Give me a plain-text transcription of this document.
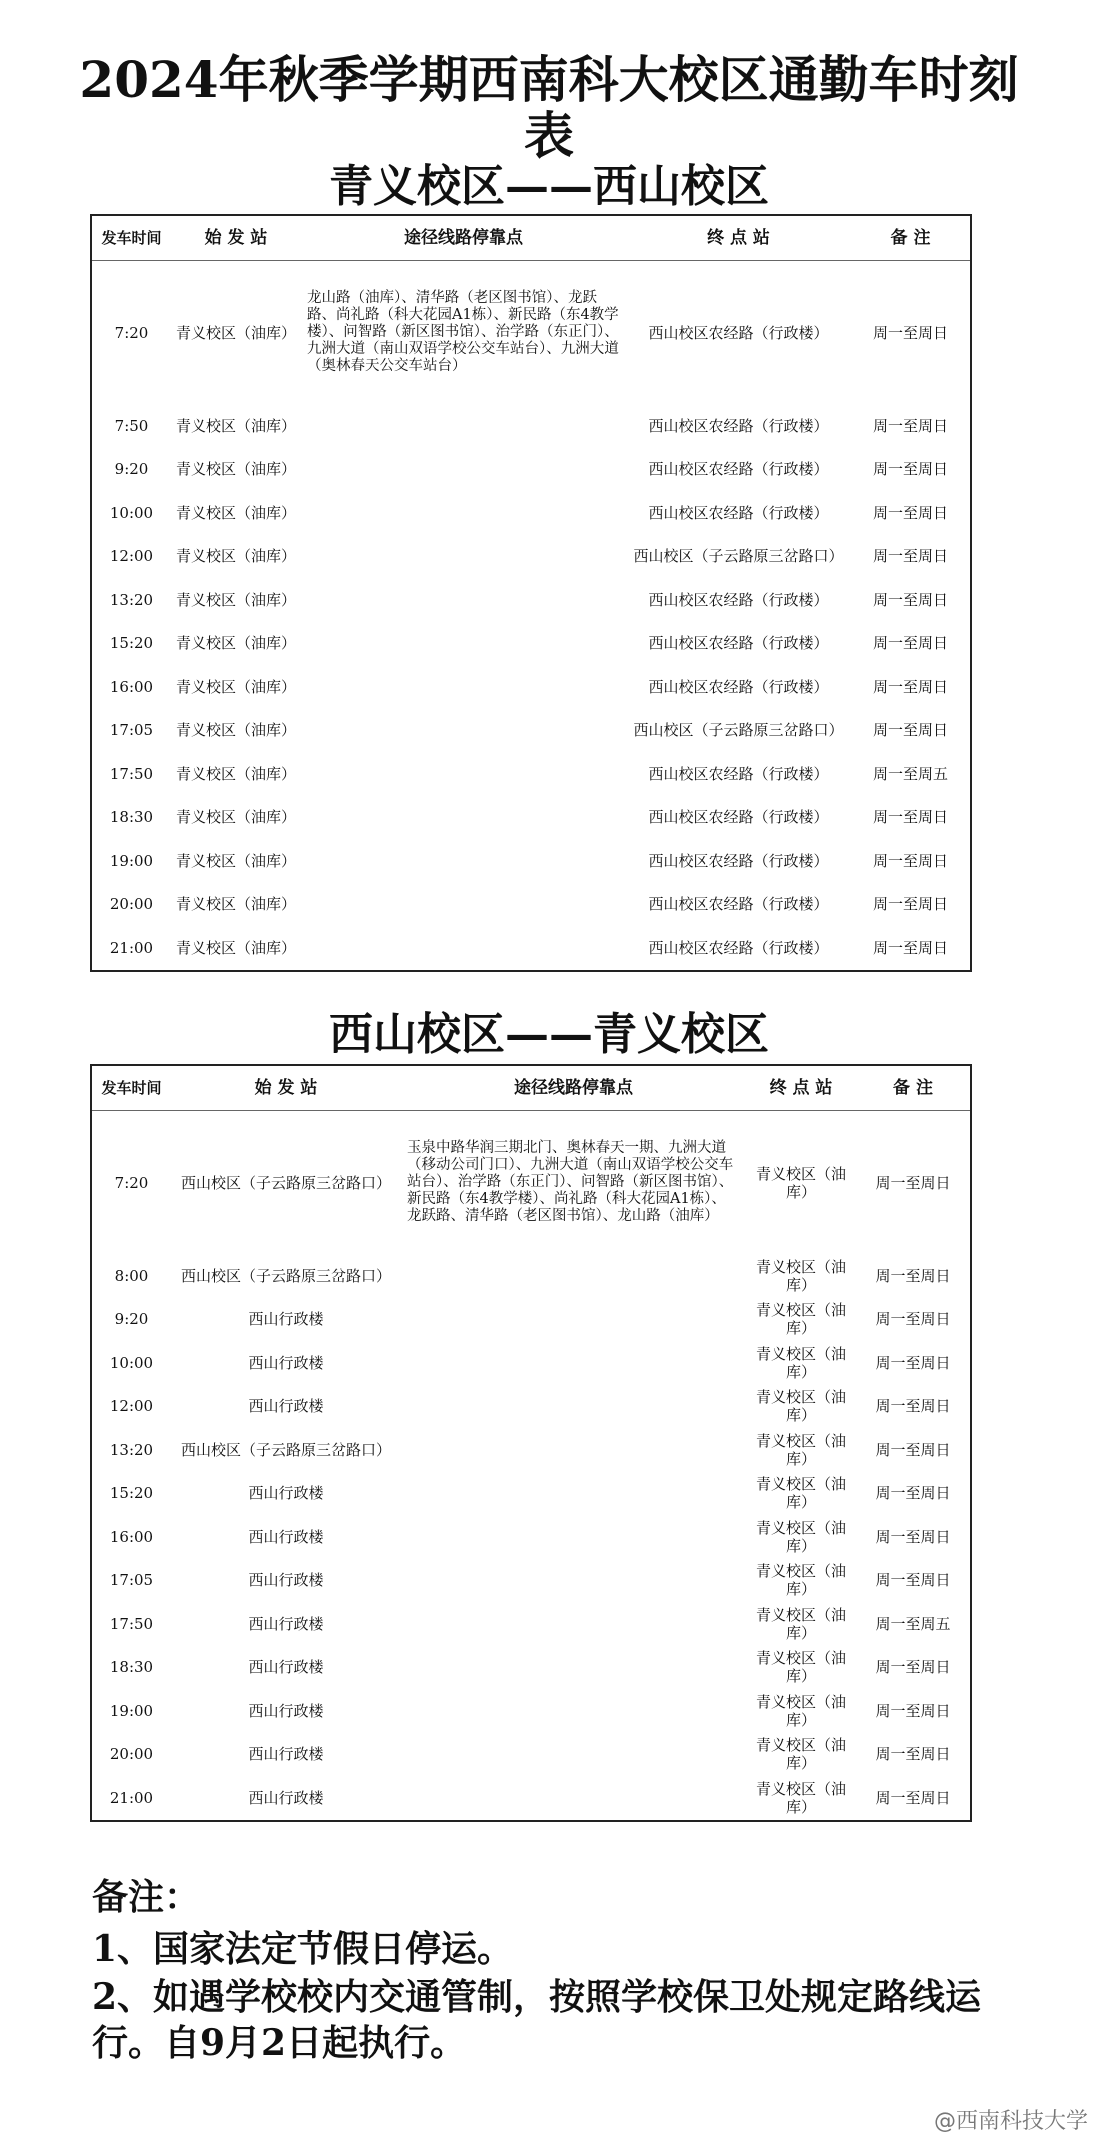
2024年秋季学期西南科大校区通勤车时刻
表
青义校区——西山校区
发车时间	始 发 站	途径线路停靠点	终 点 站	备 注
7:20	青义校区（油库）	龙山路（油库）、清华路（老区图书馆）、龙跃路、尚礼路（科大花园A1栋）、新民路（东4教学楼）、问智路（新区图书馆）、治学路（东正门）、九洲大道（南山双语学校公交车站台）、九洲大道（奥林春天公交车站台）	西山校区农经路（行政楼）	周一至周日
7:50	青义校区（油库）		西山校区农经路（行政楼）	周一至周日
9:20	青义校区（油库）		西山校区农经路（行政楼）	周一至周日
10:00	青义校区（油库）		西山校区农经路（行政楼）	周一至周日
12:00	青义校区（油库）		西山校区（子云路原三岔路口）	周一至周日
13:20	青义校区（油库）		西山校区农经路（行政楼）	周一至周日
15:20	青义校区（油库）		西山校区农经路（行政楼）	周一至周日
16:00	青义校区（油库）		西山校区农经路（行政楼）	周一至周日
17:05	青义校区（油库）		西山校区（子云路原三岔路口）	周一至周日
17:50	青义校区（油库）		西山校区农经路（行政楼）	周一至周五
18:30	青义校区（油库）		西山校区农经路（行政楼）	周一至周日
19:00	青义校区（油库）		西山校区农经路（行政楼）	周一至周日
20:00	青义校区（油库）		西山校区农经路（行政楼）	周一至周日
21:00	青义校区（油库）		西山校区农经路（行政楼）	周一至周日
西山校区——青义校区
发车时间	始 发 站	途径线路停靠点	终 点 站	备 注
7:20	西山校区（子云路原三岔路口）	玉泉中路华润三期北门、奥林春天一期、九洲大道（移动公司门口）、九洲大道（南山双语学校公交车站台）、治学路（东正门）、问智路（新区图书馆）、新民路（东4教学楼）、尚礼路（科大花园A1栋）、龙跃路、清华路（老区图书馆）、龙山路（油库）	青义校区（油库）	周一至周日
8:00	西山校区（子云路原三岔路口）		青义校区（油库）	周一至周日
9:20	西山行政楼		青义校区（油库）	周一至周日
10:00	西山行政楼		青义校区（油库）	周一至周日
12:00	西山行政楼		青义校区（油库）	周一至周日
13:20	西山校区（子云路原三岔路口）		青义校区（油库）	周一至周日
15:20	西山行政楼		青义校区（油库）	周一至周日
16:00	西山行政楼		青义校区（油库）	周一至周日
17:05	西山行政楼		青义校区（油库）	周一至周日
17:50	西山行政楼		青义校区（油库）	周一至周五
18:30	西山行政楼		青义校区（油库）	周一至周日
19:00	西山行政楼		青义校区（油库）	周一至周日
20:00	西山行政楼		青义校区（油库）	周一至周日
21:00	西山行政楼		青义校区（油库）	周一至周日
备注：
1、国家法定节假日停运。
2、如遇学校校内交通管制，按照学校保卫处规定路线运行。自9月2日起执行。
@西南科技大学
